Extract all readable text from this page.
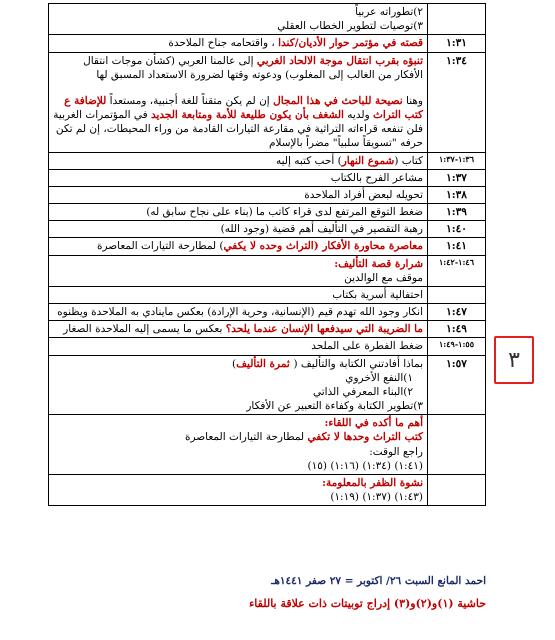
٢)تطوراته عربياً
٣)توصيات لتطوير الخطاب العقلي	

قصته في مؤتمر حوار الأديان/كندا ، واقتحامه جناح الملاحدة	١:٣١

تنبؤه بقرب انتقال موجة الالحاد الغربي إلى عالمنا العربي (كشأن موجات انتقال الأفكار من الغالب إلى المغلوب) ودعوته وقتها لضرورة الاستعداد المسبق لها
وهنا نصيحة للباحث في هذا المجال إن لم يكن متقناً للغة أجنبية، ومستعداً للإضافة ع كتب التراث ولديه الشغف بأن يكون طليعة للأمة ومتابعة الجديد في المؤتمرات الغربية فلن تنفعه قراءاته التراثية في مقارعة التيارات القادمة من وراء المحيطات، إن لم تكن حرفه "تسويقاً سلبياً" مضراً بالإسلام	١:٣٤
كتاب (شموع النهار) أحب كتبه إليه	١:٣٦-١:٣٧
مشاعر الفرح بالكتاب	١:٣٧
تحويله لبعض أفراد الملاحدة	١:٣٨
ضغط التوقع المرتفع لدى قراء كاتب ما (بناء على نجاح سابق له)	١:٣٩
رهبة التقصير في التأليف أهم قضية (وجود الله)	١:٤٠
معاصرة محاورة الأفكار (التراث وحده لا يكفي) لمطارحة التيارات المعاصرة	١:٤١

شرارة قصة التأليف:
موقف مع الوالدين	١:٤٦-١:٤٢
احتفالية أسرية بكتاب	
انكار وجود الله تهدم قيم (الإنسانية، وحرية الإرادة) بعكس ماينادي به الملاحدة ويظنوه	١:٤٧
ما الضريبة التي سيدفعها الإنسان عندما يلحد؟ بعكس ما يسمى إليه الملاحدة الصغار	١:٤٩
ضغط الفطرة على الملحد	١:٥٥-١:٤٩

بماذا أفادتني الكتابة والتأليف ( ثمرة التأليف)
١)النفع الأخروي
٢)البناء المعرفي الذاتي
٣)تطوير الكتابة وكفاءة التعبير عن الأفكار	١:٥٧

أهم ما أكده في اللقاء:
كتب التراث وحدها لا تكفي لمطارحة التيارات المعاصرة
راجع الوقت:
(١٥) (١:١٦) (١:٣٤) (١:٤١)	

نشوة الظفر بالمعلومة:
(١:١٩) (١:٣٧) (١:٤٣)	

٣
احمد المانع السبت ٢٦/ اكتوبر = ٢٧ صفر ١٤٤١هـ
حاشية (١)و(٢)و(٣) إدراج توبيتات ذات علاقة باللقاء
